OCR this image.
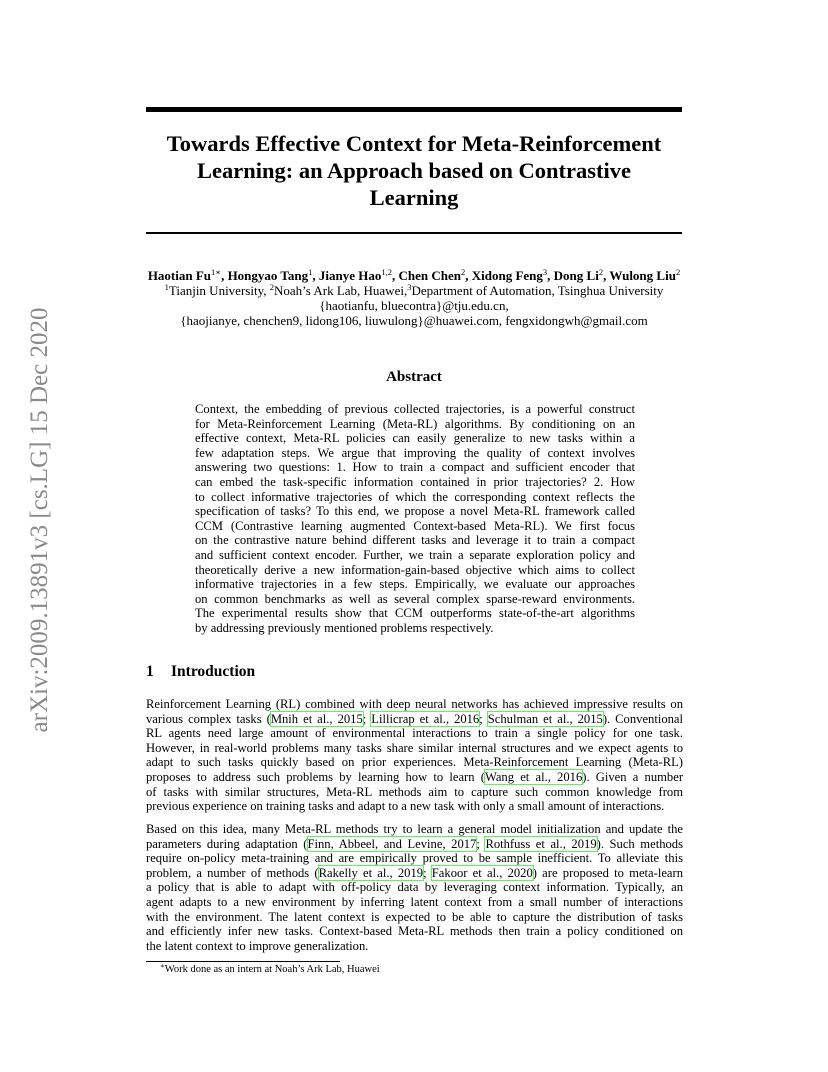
arXiv:2009.13891v3 [cs.LG] 15 Dec 2020
Towards Effective Context for Meta-Reinforcement
Learning: an Approach based on Contrastive
Learning
Haotian $Fu^{1∗}$, Hongyao Tang$^1$, Jianye Hao$^{1,2}$, Chen Chen$^2$, Xidong Feng$^3$, Dong Li$^2$, Wulong Liu$^2$
$^1$Tianjin University, $^2$Noah’s Ark Lab, Huawei,$^3$Department of Automation, Tsinghua University
{haotianfu, bluecontra}@tju.edu.cn,
{haojianye, chenchen9, lidong106, liuwulong}@huawei.com, fengxidongwh@gmail.com
Abstract
Context, the embedding of previous collected trajectories, is a powerful construct
for Meta-Reinforcement Learning (Meta-RL) algorithms. By conditioning on an
effective context, Meta-RL policies can easily generalize to new tasks within a
few adaptation steps. We argue that improving the quality of context involves
answering two questions: 1. How to train a compact and sufficient encoder that
can embed the task-specific information contained in prior trajectories? 2. How
to collect informative trajectories of which the corresponding context reflects the
specification of tasks? To this end, we propose a novel Meta-RL framework called
CCM (Contrastive learning augmented Context-based Meta-RL). We first focus
on the contrastive nature behind different tasks and leverage it to train a compact
and sufficient context encoder. Further, we train a separate exploration policy and
theoretically derive a new information-gain-based objective which aims to collect
informative trajectories in a few steps. Empirically, we evaluate our approaches
on common benchmarks as well as several complex sparse-reward environments.
The experimental results show that CCM outperforms state-of-the-art algorithms
by addressing previously mentioned problems respectively.
1 Introduction
Reinforcement Learning (RL) combined with deep neural networks has achieved impressive results on
various complex tasks (Mnih et al., 2015; Lillicrap et al., 2016; Schulman et al., 2015). Conventional
RL agents need large amount of environmental interactions to train a single policy for one task.
However, in real-world problems many tasks share similar internal structures and we expect agents to
adapt to such tasks quickly based on prior experiences. Meta-Reinforcement Learning (Meta-RL)
proposes to address such problems by learning how to learn (Wang et al., 2016). Given a number
of tasks with similar structures, Meta-RL methods aim to capture such common knowledge from
previous experience on training tasks and adapt to a new task with only a small amount of interactions.
Based on this idea, many Meta-RL methods try to learn a general model initialization and update the
parameters during adaptation (Finn, Abbeel, and Levine, 2017; Rothfuss et al., 2019). Such methods
require on-policy meta-training and are empirically proved to be sample inefficient. To alleviate this
problem, a number of methods (Rakelly et al., 2019; Fakoor et al., 2020) are proposed to meta-learn
a policy that is able to adapt with off-policy data by leveraging context information. Typically, an
agent adapts to a new environment by inferring latent context from a small number of interactions
with the environment. The latent context is expected to be able to capture the distribution of tasks
and efficiently infer new tasks. Context-based Meta-RL methods then train a policy conditioned on
the latent context to improve generalization.
∗Work done as an intern at Noah’s Ark Lab, Huawei
